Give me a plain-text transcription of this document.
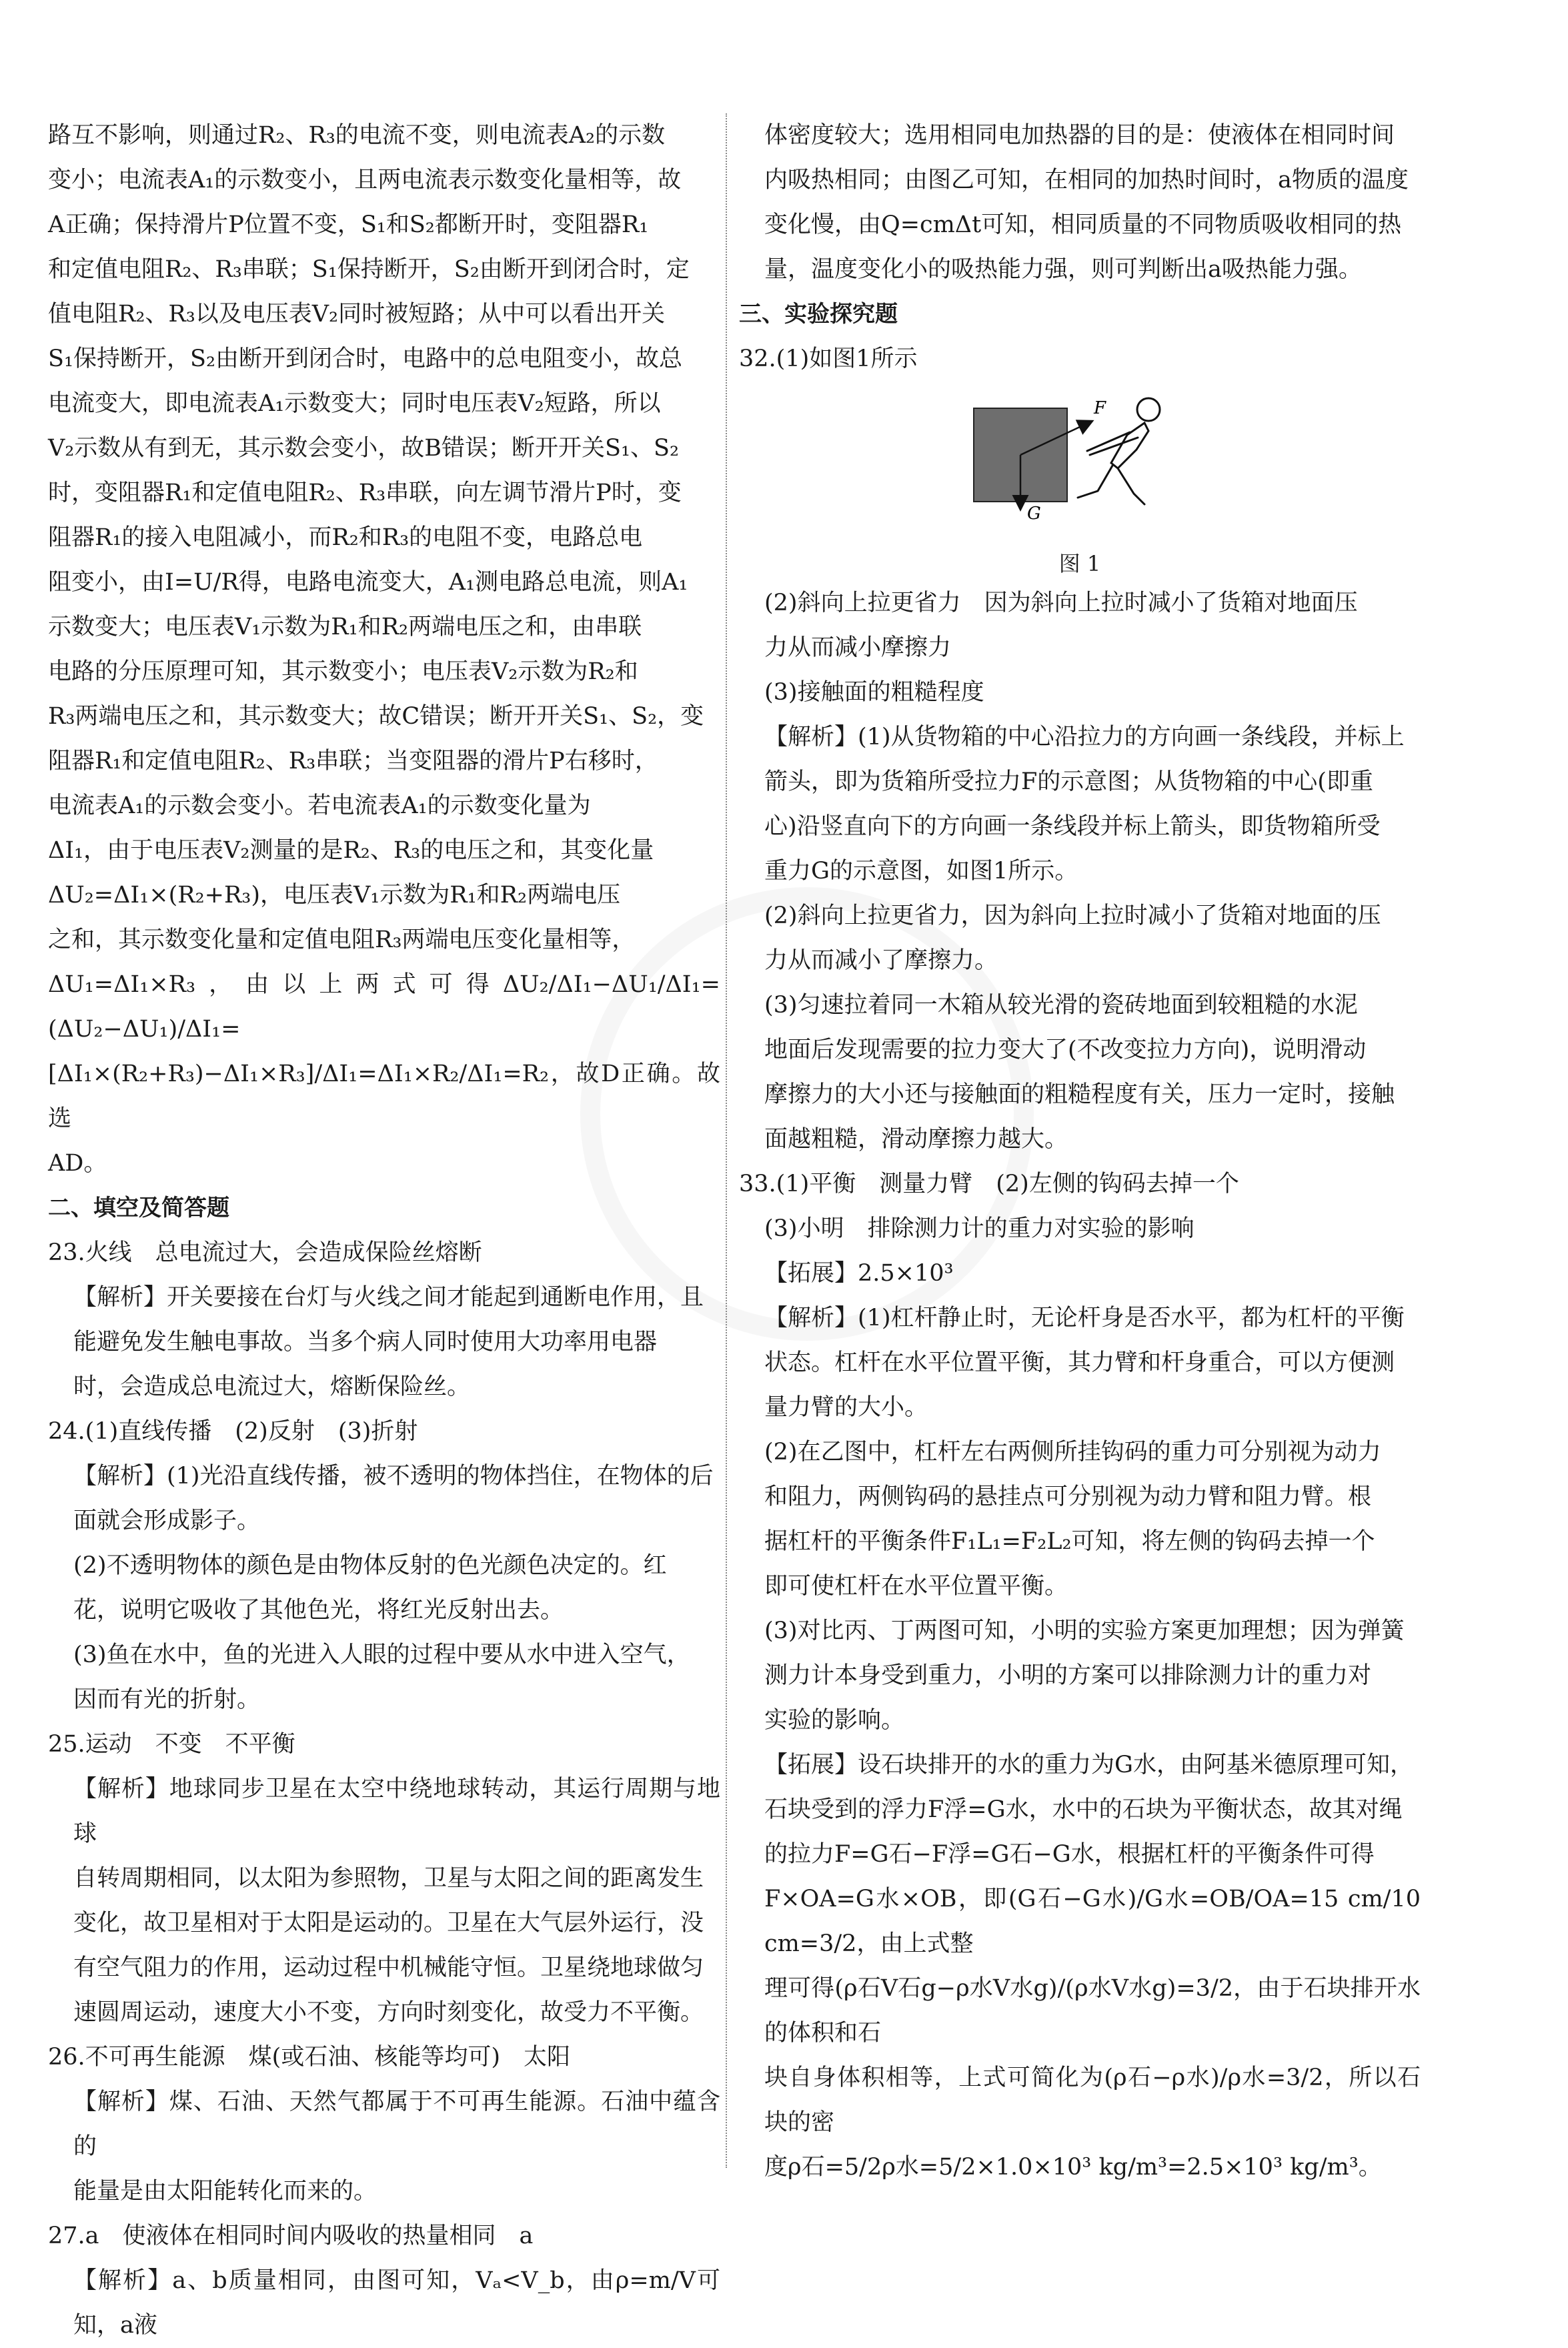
路互不影响，则通过R₂、R₃的电流不变，则电流表A₂的示数

变小；电流表A₁的示数变小，且两电流表示数变化量相等，故

A正确；保持滑片P位置不变，S₁和S₂都断开时，变阻器R₁

和定值电阻R₂、R₃串联；S₁保持断开，S₂由断开到闭合时，定

值电阻R₂、R₃以及电压表V₂同时被短路；从中可以看出开关

S₁保持断开，S₂由断开到闭合时，电路中的总电阻变小，故总

电流变大，即电流表A₁示数变大；同时电压表V₂短路，所以

V₂示数从有到无，其示数会变小，故B错误；断开开关S₁、S₂

时，变阻器R₁和定值电阻R₂、R₃串联，向左调节滑片P时，变

阻器R₁的接入电阻减小，而R₂和R₃的电阻不变，电路总电

阻变小，由I=U/R得，电路电流变大，A₁测电路总电流，则A₁

示数变大；电压表V₁示数为R₁和R₂两端电压之和，由串联

电路的分压原理可知，其示数变小；电压表V₂示数为R₂和

R₃两端电压之和，其示数变大；故C错误；断开开关S₁、S₂，变

阻器R₁和定值电阻R₂、R₃串联；当变阻器的滑片P右移时，

电流表A₁的示数会变小。若电流表A₁的示数变化量为

ΔI₁，由于电压表V₂测量的是R₂、R₃的电压之和，其变化量

ΔU₂=ΔI₁×(R₂+R₃)，电压表V₁示数为R₁和R₂两端电压

之和，其示数变化量和定值电阻R₃两端电压变化量相等，

ΔU₁=ΔI₁×R₃，由以上两式可得ΔU₂/ΔI₁−ΔU₁/ΔI₁=(ΔU₂−ΔU₁)/ΔI₁=

[ΔI₁×(R₂+R₃)−ΔI₁×R₃]/ΔI₁=ΔI₁×R₂/ΔI₁=R₂，故D正确。故选

AD。

二、填空及简答题

23.火线　总电流过大，会造成保险丝熔断

【解析】开关要接在台灯与火线之间才能起到通断电作用，且

能避免发生触电事故。当多个病人同时使用大功率用电器

时，会造成总电流过大，熔断保险丝。

24.(1)直线传播　(2)反射　(3)折射

【解析】(1)光沿直线传播，被不透明的物体挡住，在物体的后

面就会形成影子。

(2)不透明物体的颜色是由物体反射的色光颜色决定的。红

花，说明它吸收了其他色光，将红光反射出去。

(3)鱼在水中，鱼的光进入人眼的过程中要从水中进入空气，

因而有光的折射。

25.运动　不变　不平衡

【解析】地球同步卫星在太空中绕地球转动，其运行周期与地球

自转周期相同，以太阳为参照物，卫星与太阳之间的距离发生

变化，故卫星相对于太阳是运动的。卫星在大气层外运行，没

有空气阻力的作用，运动过程中机械能守恒。卫星绕地球做匀

速圆周运动，速度大小不变，方向时刻变化，故受力不平衡。

26.不可再生能源　煤(或石油、核能等均可)　太阳

【解析】煤、石油、天然气都属于不可再生能源。石油中蕴含的

能量是由太阳能转化而来的。

27.a　使液体在相同时间内吸收的热量相同　a

【解析】a、b质量相同，由图可知，Vₐ<V_b，由ρ=m/V可知，a液

体密度较大；选用相同电加热器的目的是：使液体在相同时间

内吸热相同；由图乙可知，在相同的加热时间时，a物质的温度

变化慢，由Q=cmΔt可知，相同质量的不同物质吸收相同的热

量，温度变化小的吸热能力强，则可判断出a吸热能力强。

三、实验探究题

32.(1)如图1所示

F
G
图 1

(2)斜向上拉更省力　因为斜向上拉时减小了货箱对地面压

力从而减小摩擦力

(3)接触面的粗糙程度

【解析】(1)从货物箱的中心沿拉力的方向画一条线段，并标上

箭头，即为货箱所受拉力F的示意图；从货物箱的中心(即重

心)沿竖直向下的方向画一条线段并标上箭头，即货物箱所受

重力G的示意图，如图1所示。

(2)斜向上拉更省力，因为斜向上拉时减小了货箱对地面的压

力从而减小了摩擦力。

(3)匀速拉着同一木箱从较光滑的瓷砖地面到较粗糙的水泥

地面后发现需要的拉力变大了(不改变拉力方向)，说明滑动

摩擦力的大小还与接触面的粗糙程度有关，压力一定时，接触

面越粗糙，滑动摩擦力越大。

33.(1)平衡　测量力臂　(2)左侧的钩码去掉一个

(3)小明　排除测力计的重力对实验的影响

【拓展】2.5×10³

【解析】(1)杠杆静止时，无论杆身是否水平，都为杠杆的平衡

状态。杠杆在水平位置平衡，其力臂和杆身重合，可以方便测

量力臂的大小。

(2)在乙图中，杠杆左右两侧所挂钩码的重力可分别视为动力

和阻力，两侧钩码的悬挂点可分别视为动力臂和阻力臂。根

据杠杆的平衡条件F₁L₁=F₂L₂可知，将左侧的钩码去掉一个

即可使杠杆在水平位置平衡。

(3)对比丙、丁两图可知，小明的实验方案更加理想；因为弹簧

测力计本身受到重力，小明的方案可以排除测力计的重力对

实验的影响。

【拓展】设石块排开的水的重力为G水，由阿基米德原理可知，

石块受到的浮力F浮=G水，水中的石块为平衡状态，故其对绳

的拉力F=G石−F浮=G石−G水，根据杠杆的平衡条件可得

F×OA=G水×OB，即(G石−G水)/G水=OB/OA=15 cm/10 cm=3/2，由上式整

理可得(ρ石V石g−ρ水V水g)/(ρ水V水g)=3/2，由于石块排开水的体积和石

块自身体积相等，上式可简化为(ρ石−ρ水)/ρ水=3/2，所以石块的密

度ρ石=5/2ρ水=5/2×1.0×10³ kg/m³=2.5×10³ kg/m³。
